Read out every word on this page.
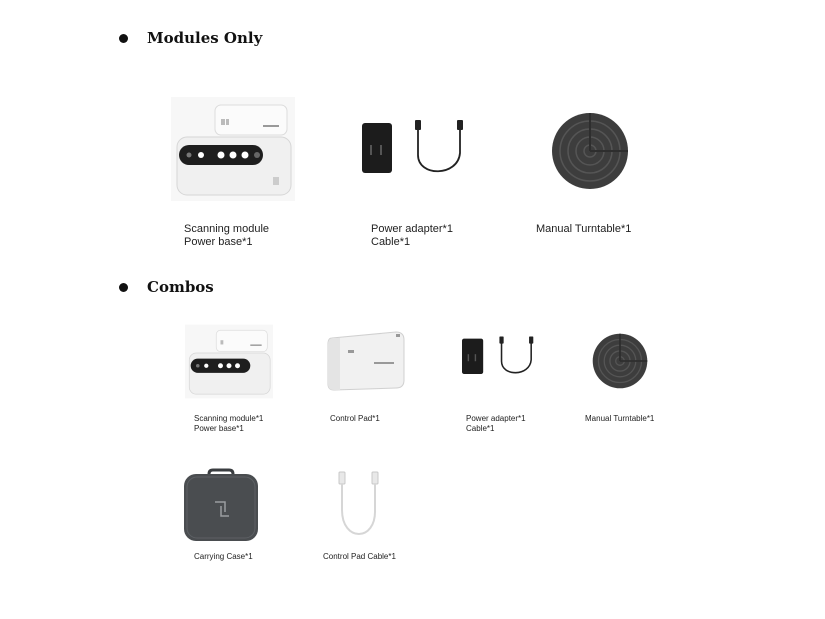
Modules Only
Scanning module
Power base*1
Power adapter*1
Cable*1
Manual Turntable*1
Combos
Scanning module*1
Power base*1
Control Pad*1	Power adapter*1
Cable*1
Manual Turntable*1
Carrying Case*1	Control Pad Cable*1
